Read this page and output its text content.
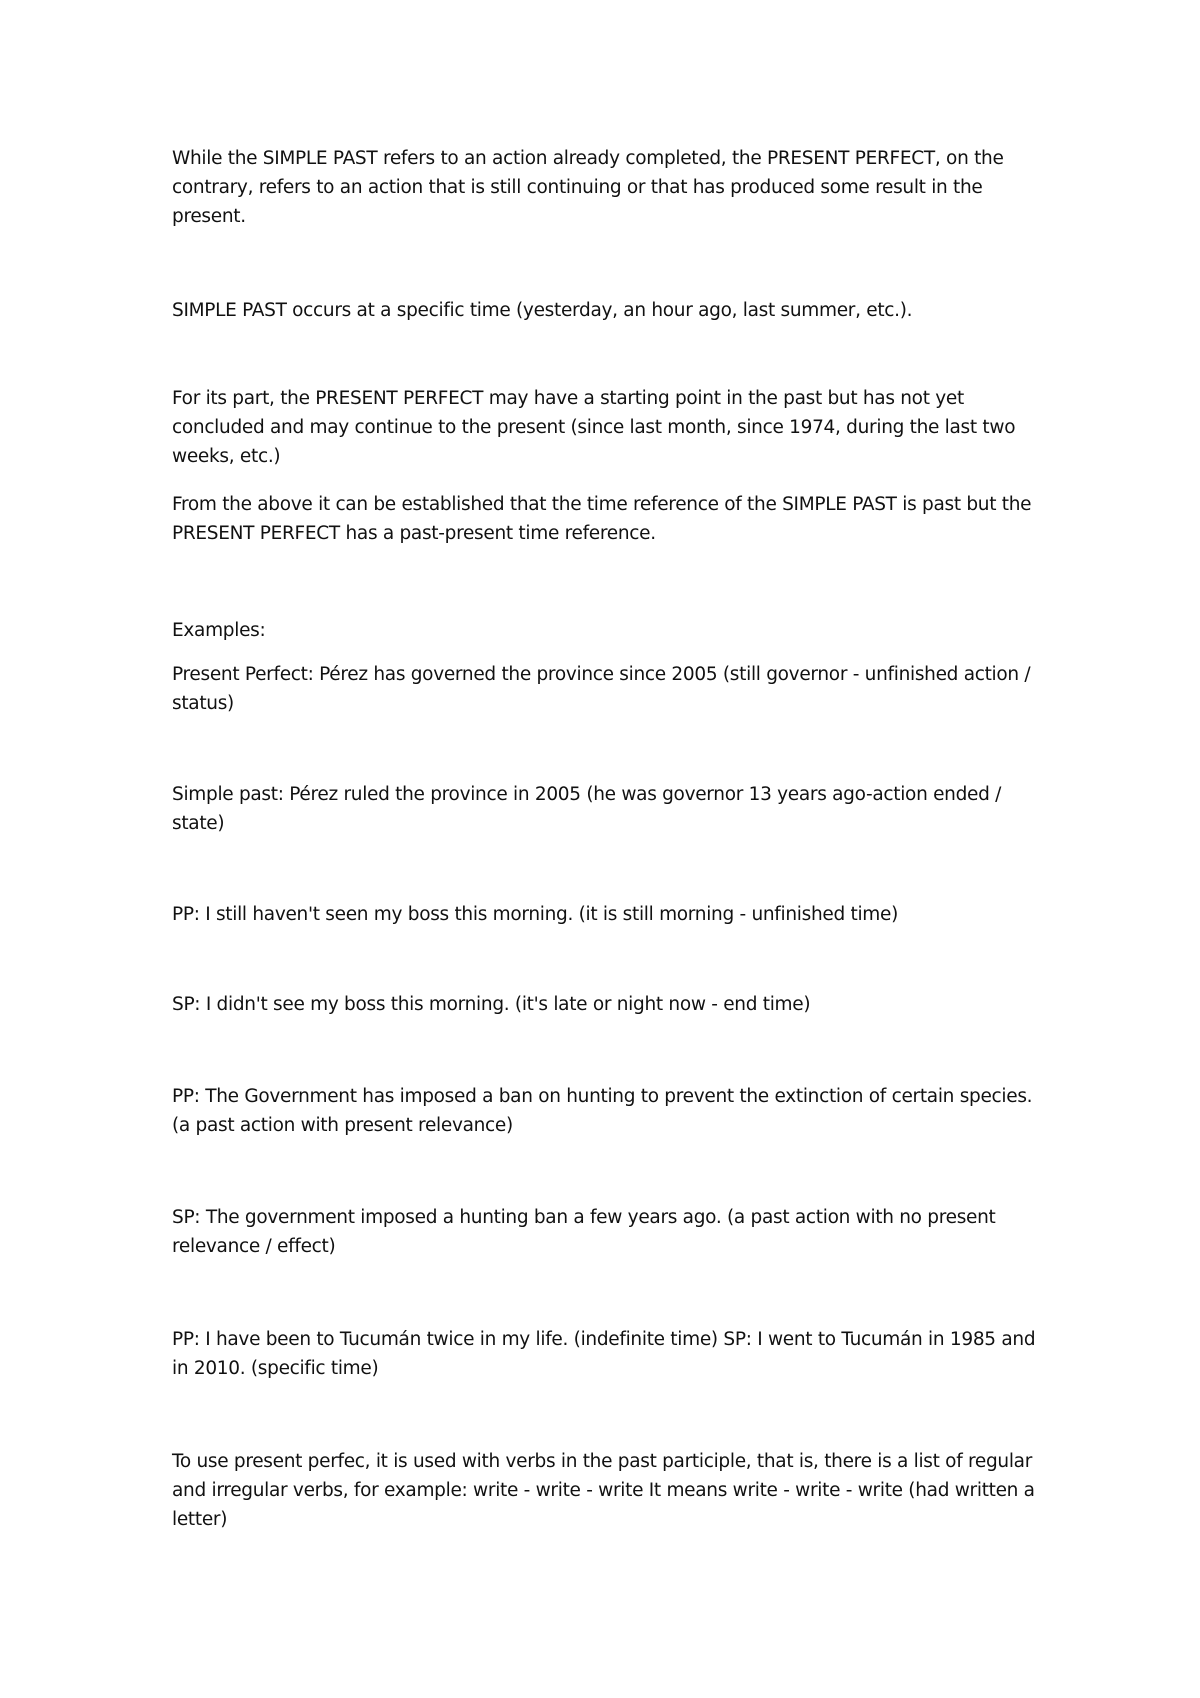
While the SIMPLE PAST refers to an action already completed, the PRESENT PERFECT, on the contrary, refers to an action that is still continuing or that has produced some result in the present.

SIMPLE PAST occurs at a specific time (yesterday, an hour ago, last summer, etc.).

For its part, the PRESENT PERFECT may have a starting point in the past but has not yet concluded and may continue to the present (since last month, since 1974, during the last two weeks, etc.)

From the above it can be established that the time reference of the SIMPLE PAST is past but the PRESENT PERFECT has a past-present time reference.

Examples:

Present Perfect: Pérez has governed the province since 2005 (still governor - unfinished action / status)

Simple past: Pérez ruled the province in 2005 (he was governor 13 years ago-action ended / state)

PP: I still haven't seen my boss this morning. (it is still morning - unfinished time)

SP: I didn't see my boss this morning. (it's late or night now - end time)

PP: The Government has imposed a ban on hunting to prevent the extinction of certain species. (a past action with present relevance)

SP: The government imposed a hunting ban a few years ago. (a past action with no present relevance / effect)

PP: I have been to Tucumán twice in my life. (indefinite time) SP: I went to Tucumán in 1985 and in 2010. (specific time)

To use present perfec, it is used with verbs in the past participle, that is, there is a list of regular and irregular verbs, for example: write - write - write It means write - write - write (had written a letter)
